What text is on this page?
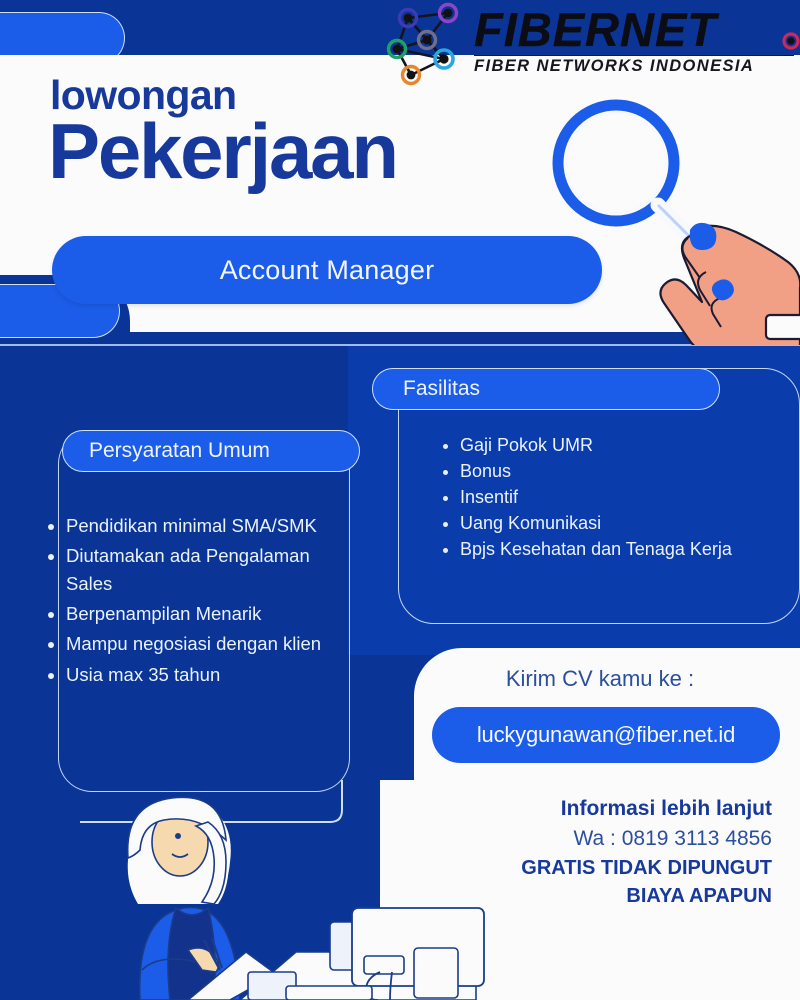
FIBERNET
FIBER NETWORKS INDONESIA
lowongan
Pekerjaan
Account Manager
Persyaratan Umum
• Pendidikan minimal SMA/SMK
• Diutamakan ada Pengalaman Sales
• Berpenampilan Menarik
• Mampu negosiasi dengan klien
• Usia max 35 tahun
Fasilitas
• Gaji Pokok UMR
• Bonus
• Insentif
• Uang Komunikasi
• Bpjs Kesehatan dan Tenaga Kerja
Kirim CV kamu ke :
luckygunawan@fiber.net.id
Informasi lebih lanjut
Wa : 0819 3113 4856
GRATIS TIDAK DIPUNGUT
BIAYA APAPUN
